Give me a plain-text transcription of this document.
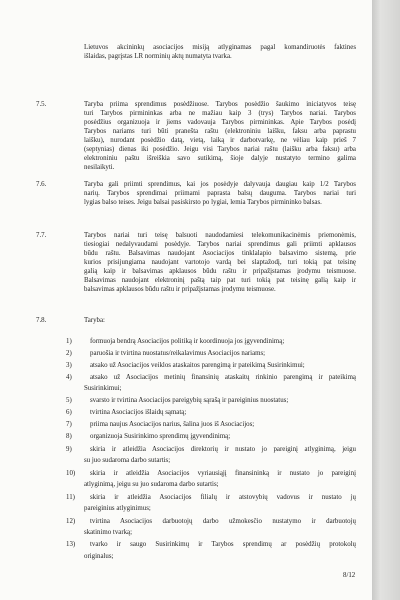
Lietuvos akcininkų asociacijos misiją atlyginamas pagal komandiruotės faktines
išlaidas, pagrįstas LR norminių aktų numatyta tvarka.
7.5.	Taryba priima sprendimus posėdžiuose. Tarybos posėdžio šaukimo iniciatyvos teisę
turi Tarybos pirmininkas arba ne mažiau kaip 3 (trys) Tarybos nariai. Tarybos
posėdžius organizuoja ir jiems vadovauja Tarybos pirmininkas. Apie Tarybos posėdį
Tarybos nariams turi būti pranešta raštu (elektroniniu laišku, faksu arba paprastu
laišku), nurodant posėdžio datą, vietą, laiką ir darbotvarkę, ne vėliau kaip prieš 7
(septynias) dienas iki posėdžio. Jeigu visi Tarybos nariai raštu (laišku arba faksu) arba
elektroniniu paštu išreiškia savo sutikimą, šioje dalyje nustatyto termino galima
nesilaikyti.
7.6.	Taryba gali priimti sprendimus, kai jos posėdyje dalyvauja daugiau kaip 1/2 Tarybos
narių. Tarybos sprendimai priimami paprasta balsų dauguma. Tarybos nariai turi
lygias balso teises. Jeigu balsai pasiskirsto po lygiai, lemia Tarybos pirmininko balsas.
7.7.	Tarybos nariai turi teisę balsuoti naudodamiesi telekomunikacinėmis priemonėmis,
tiesiogiai nedalyvaudami posėdyje. Tarybos nariai sprendimus gali priimti apklausos
būdu raštu. Balsavimas naudojant Asociacijos tinklalapio balsavimo sistemą, prie
kurios prisijungiama naudojant vartotojo vardą bei slaptažodį, turi tokią pat teisinę
galią kaip ir balsavimas apklausos būdu raštu ir pripažįstamas įrodymu teismuose.
Balsavimas naudojant elektroninį paštą taip pat turi tokią pat teisinę galią kaip ir
balsavimas apklausos būdu raštu ir pripažįstamas įrodymu teismuose.
7.8.	Taryba:
1)	formuoja bendrą Asociacijos politiką ir koordinuoja jos įgyvendinimą;
2)	paruošia ir tvirtina nuostatus/reikalavimus Asociacijos nariams;
3)	atsako už Asociacijos veiklos ataskaitos parengimą ir pateikimą Susirinkimui;
4)	atsako už Asociacijos metinių finansinių ataskaitų rinkinio parengimą ir pateikimą
Susirinkimui;
5)	svarsto ir tvirtina Asociacijos pareigybių sąrašą ir pareiginius nuostatus;
6)	tvirtina Asociacijos išlaidų sąmatą;
7)	priima naujus Asociacijos narius, šalina juos iš Asociacijos;
8)	organizuoja Susirinkimo sprendimų įgyvendinimą;
9)	skiria ir atleidžia Asociacijos direktorių ir nustato jo pareiginį atlyginimą, jeigu
su juo sudaroma darbo sutartis;
10) skiria ir atleidžia Asociacijos vyriausiąjį finansininką ir nustato jo pareiginį
atlyginimą, jeigu su juo sudaroma darbo sutartis;
11) skiria ir atleidžia Asociacijos filialų ir atstovybių vadovus ir nustato jų
pareiginius atlyginimus;
12) tvirtina Asociacijos darbuotojų darbo užmokesčio nustatymo ir darbuotojų
skatinimo tvarką;
13) tvarko ir saugo Susirinkimų ir Tarybos sprendimų ar posėdžių protokolų
originalus;
8/12
